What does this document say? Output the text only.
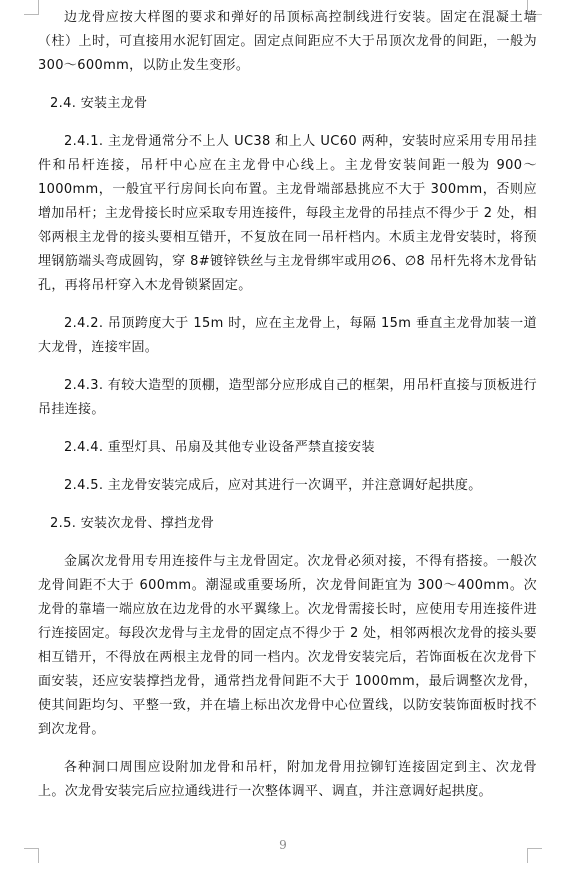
边龙骨应按大样图的要求和弹好的吊顶标高控制线进行安装。固定在混凝土墙（柱）上时，可直接用水泥钉固定。固定点间距应不大于吊顶次龙骨的间距，一般为 300～600mm，以防止发生变形。

2.4. 安装主龙骨

2.4.1. 主龙骨通常分不上人 UC38 和上人 UC60 两种，安装时应采用专用吊挂件和吊杆连接，吊杆中心应在主龙骨中心线上。主龙骨安装间距一般为 900～1000mm，一般宜平行房间长向布置。主龙骨端部悬挑应不大于 300mm，否则应增加吊杆；主龙骨接长时应采取专用连接件，每段主龙骨的吊挂点不得少于 2 处，相邻两根主龙骨的接头要相互错开，不复放在同一吊杆档内。木质主龙骨安装时，将预埋钢筋端头弯成圆钩，穿 8#镀锌铁丝与主龙骨绑牢或用∅6、∅8 吊杆先将木龙骨钻孔，再将吊杆穿入木龙骨锁紧固定。

2.4.2. 吊顶跨度大于 15m 时，应在主龙骨上，每隔 15m 垂直主龙骨加装一道大龙骨，连接牢固。

2.4.3. 有较大造型的顶棚，造型部分应形成自己的框架，用吊杆直接与顶板进行吊挂连接。

2.4.4. 重型灯具、吊扇及其他专业设备严禁直接安装

2.4.5. 主龙骨安装完成后，应对其进行一次调平，并注意调好起拱度。

2.5. 安装次龙骨、撑挡龙骨

金属次龙骨用专用连接件与主龙骨固定。次龙骨必须对接，不得有搭接。一般次龙骨间距不大于 600mm。潮湿或重要场所，次龙骨间距宜为 300～400mm。次龙骨的靠墙一端应放在边龙骨的水平翼缘上。次龙骨需接长时，应使用专用连接件进行连接固定。每段次龙骨与主龙骨的固定点不得少于 2 处，相邻两根次龙骨的接头要相互错开，不得放在两根主龙骨的同一档内。次龙骨安装完后，若饰面板在次龙骨下面安装，还应安装撑挡龙骨，通常挡龙骨间距不大于 1000mm，最后调整次龙骨，使其间距均匀、平整一致，并在墙上标出次龙骨中心位置线，以防安装饰面板时找不到次龙骨。

各种洞口周围应设附加龙骨和吊杆，附加龙骨用拉铆钉连接固定到主、次龙骨上。次龙骨安装完后应拉通线进行一次整体调平、调直，并注意调好起拱度。

9
